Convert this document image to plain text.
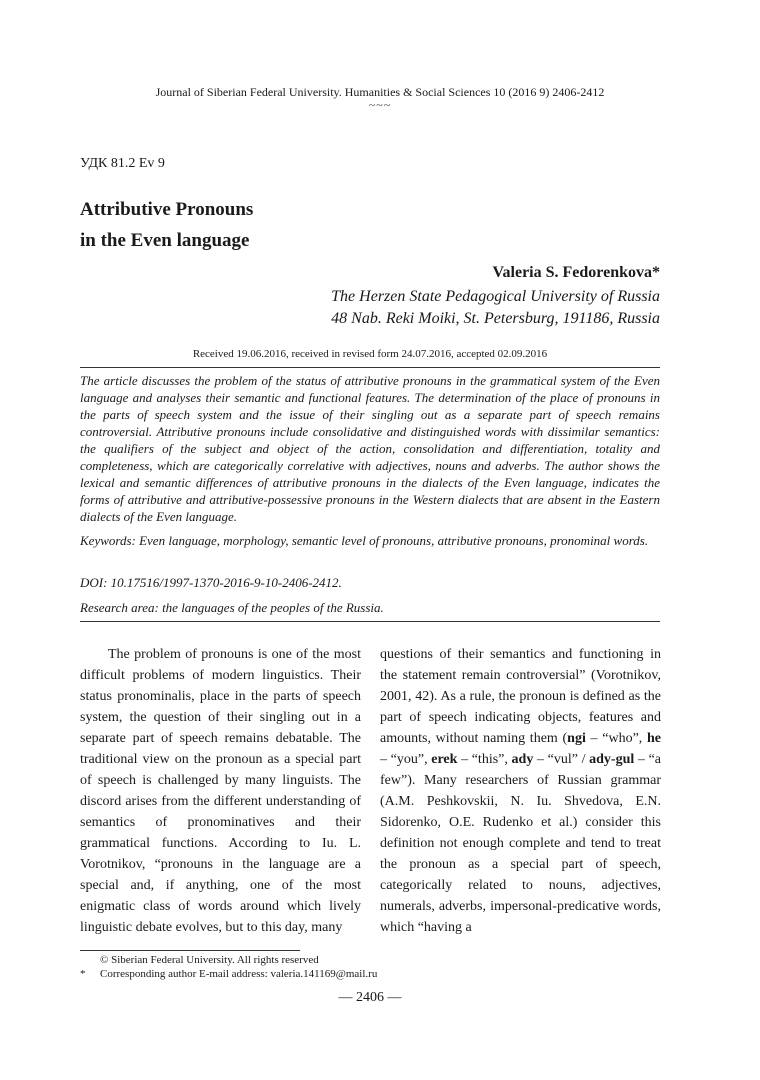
Journal of Siberian Federal University. Humanities & Social Sciences 10 (2016 9) 2406-2412
~~~
УДК 81.2 Ev 9
Attributive Pronouns
in the Even language
Valeria S. Fedorenkova*
The Herzen State Pedagogical University of Russia
48 Nab. Reki Moiki, St. Petersburg, 191186, Russia
Received 19.06.2016, received in revised form 24.07.2016, accepted 02.09.2016
The article discusses the problem of the status of attributive pronouns in the grammatical system of the Even language and analyses their semantic and functional features. The determination of the place of pronouns in the parts of speech system and the issue of their singling out as a separate part of speech remains controversial. Attributive pronouns include consolidative and distinguished words with dissimilar semantics: the qualifiers of the subject and object of the action, consolidation and differentiation, totality and completeness, which are categorically correlative with adjectives, nouns and adverbs. The author shows the lexical and semantic differences of attributive pronouns in the dialects of the Even language, indicates the forms of attributive and attributive-possessive pronouns in the Western dialects that are absent in the Eastern dialects of the Even language.
Keywords: Even language, morphology, semantic level of pronouns, attributive pronouns, pronominal words.
DOI: 10.17516/1997-1370-2016-9-10-2406-2412.
Research area: the languages of the peoples of the Russia.
The problem of pronouns is one of the most difficult problems of modern linguistics. Their status pronominalis, place in the parts of speech system, the question of their singling out in a separate part of speech remains debatable. The traditional view on the pronoun as a special part of speech is challenged by many linguists. The discord arises from the different understanding of semantics of pronominatives and their grammatical functions. According to Iu. L. Vorotnikov, “pronouns in the language are a special and, if anything, one of the most enigmatic class of words around which lively linguistic debate evolves, but to this day, many
questions of their semantics and functioning in the statement remain controversial” (Vorotnikov, 2001, 42). As a rule, the pronoun is defined as the part of speech indicating objects, features and amounts, without naming them (ngi – “who”, he – “you”, erek – “this”, ady – “vul” / ady-gul – “a few”). Many researchers of Russian grammar (A.M. Peshkovskii, N. Iu. Shvedova, E.N. Sidorenko, O.E. Rudenko et al.) consider this definition not enough complete and tend to treat the pronoun as a special part of speech, categorically related to nouns, adjectives, numerals, adverbs, impersonal-predicative words, which “having a
© Siberian Federal University. All rights reserved
* Corresponding author E-mail address: valeria.141169@mail.ru
— 2406 —
